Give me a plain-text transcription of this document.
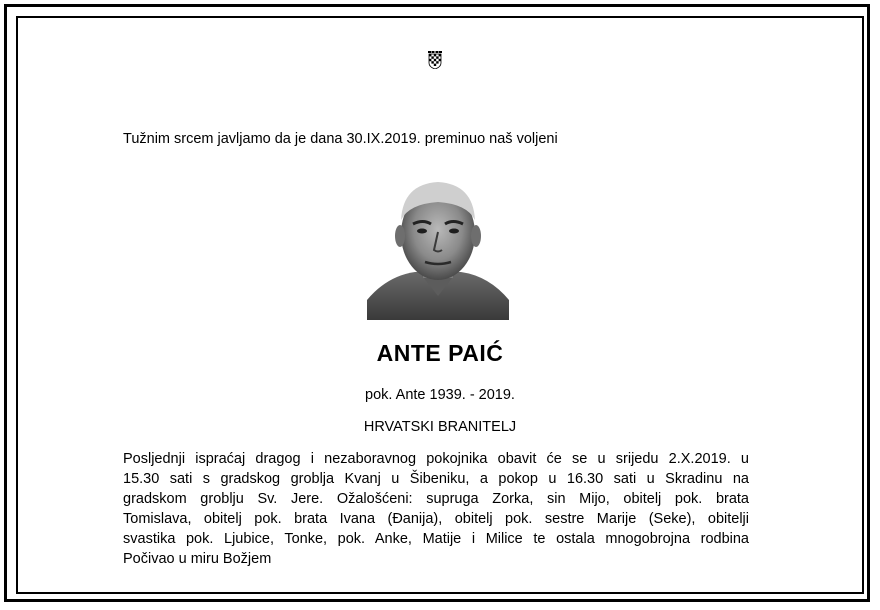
Tužnim srcem javljamo da je dana 30.IX.2019. preminuo naš voljeni
ANTE PAIĆ
pok. Ante 1939. - 2019.
HRVATSKI BRANITELJ
Posljednji ispraćaj dragog i nezaboravnog pokojnika obavit će se u srijedu 2.X.2019. u
15.30 sati s gradskog groblja Kvanj u Šibeniku, a pokop u 16.30 sati u Skradinu na
gradskom groblju Sv. Jere. Ožalošćeni: supruga Zorka, sin Mijo, obitelj pok. brata
Tomislava, obitelj pok. brata Ivana (Đanija), obitelj pok. sestre Marije (Seke), obitelji
svastika pok. Ljubice, Tonke, pok. Anke, Matije i Milice te ostala mnogobrojna rodbina
Počivao u miru Božjem
